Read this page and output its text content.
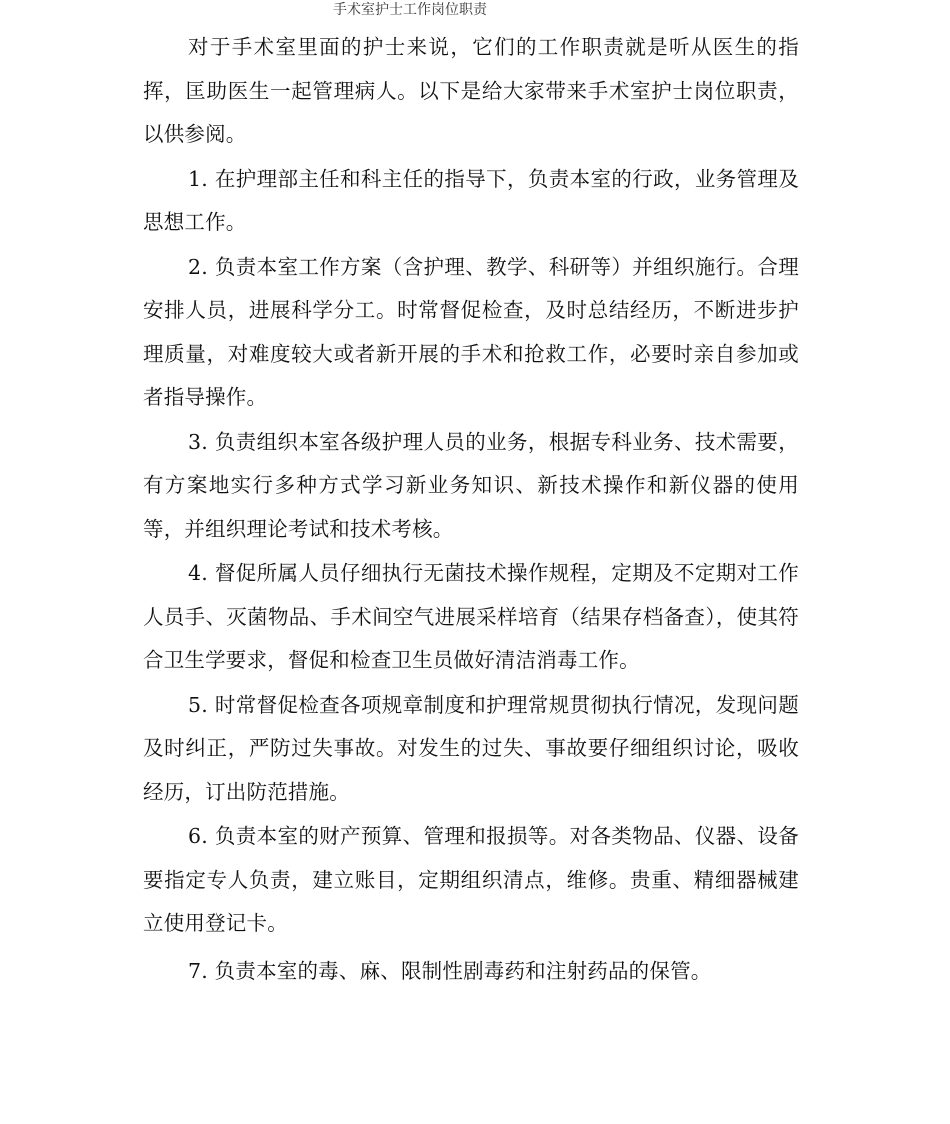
手术室护士工作岗位职责

对于手术室里面的护士来说，它们的工作职责就是听从医生的指挥，匡助医生一起管理病人。以下是给大家带来手术室护士岗位职责，以供参阅。

1. 在护理部主任和科主任的指导下，负责本室的行政，业务管理及思想工作。

2. 负责本室工作方案（含护理、教学、科研等）并组织施行。合理安排人员，进展科学分工。时常督促检查，及时总结经历，不断进步护理质量，对难度较大或者新开展的手术和抢救工作，必要时亲自参加或者指导操作。

3. 负责组织本室各级护理人员的业务，根据专科业务、技术需要，有方案地实行多种方式学习新业务知识、新技术操作和新仪器的使用等，并组织理论考试和技术考核。

4. 督促所属人员仔细执行无菌技术操作规程，定期及不定期对工作人员手、灭菌物品、手术间空气进展采样培育（结果存档备查），使其符合卫生学要求，督促和检查卫生员做好清洁消毒工作。

5. 时常督促检查各项规章制度和护理常规贯彻执行情况，发现问题及时纠正，严防过失事故。对发生的过失、事故要仔细组织讨论，吸收经历，订出防范措施。

6. 负责本室的财产预算、管理和报损等。对各类物品、仪器、设备要指定专人负责，建立账目，定期组织清点，维修。贵重、精细器械建立使用登记卡。

7. 负责本室的毒、麻、限制性剧毒药和注射药品的保管。
